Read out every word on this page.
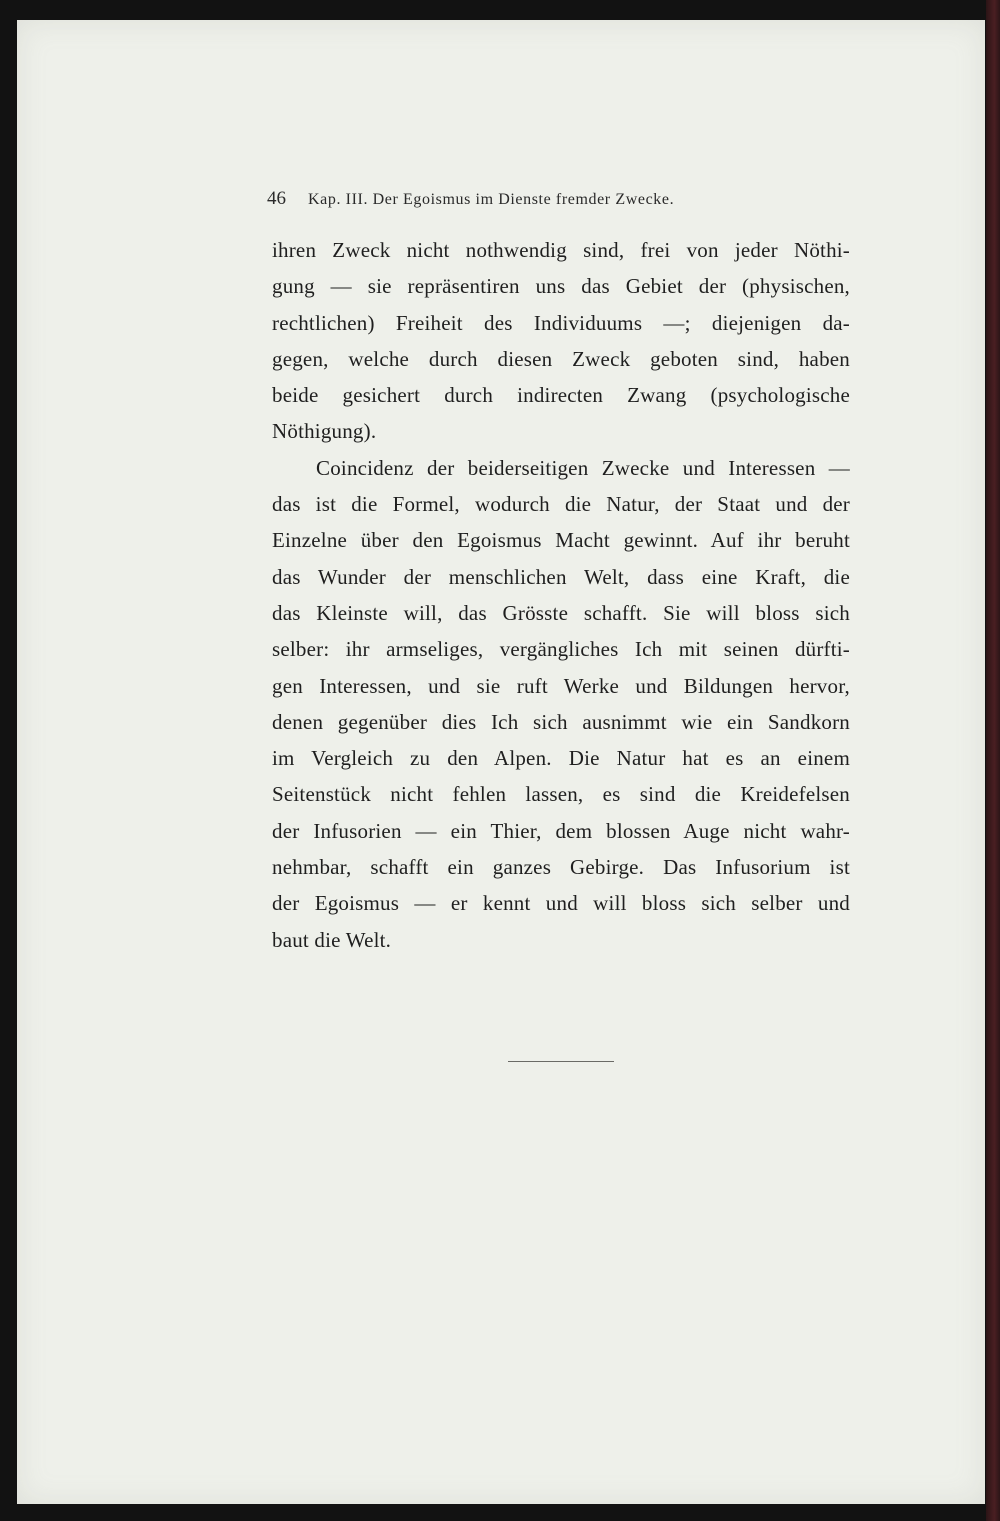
46 Kap. III. Der Egoismus im Dienste fremder Zwecke.
ihren Zweck nicht nothwendig sind, frei von jeder Nöthi-
gung — sie repräsentiren uns das Gebiet der (physischen,
rechtlichen) Freiheit des Individuums —; diejenigen da-
gegen, welche durch diesen Zweck geboten sind, haben
beide gesichert durch indirecten Zwang (psychologische
Nöthigung).
Coincidenz der beiderseitigen Zwecke und Interessen —
das ist die Formel, wodurch die Natur, der Staat und der
Einzelne über den Egoismus Macht gewinnt. Auf ihr beruht
das Wunder der menschlichen Welt, dass eine Kraft, die
das Kleinste will, das Grösste schafft. Sie will bloss sich
selber: ihr armseliges, vergängliches Ich mit seinen dürfti-
gen Interessen, und sie ruft Werke und Bildungen hervor,
denen gegenüber dies Ich sich ausnimmt wie ein Sandkorn
im Vergleich zu den Alpen. Die Natur hat es an einem
Seitenstück nicht fehlen lassen, es sind die Kreidefelsen
der Infusorien — ein Thier, dem blossen Auge nicht wahr-
nehmbar, schafft ein ganzes Gebirge. Das Infusorium ist
der Egoismus — er kennt und will bloss sich selber und
baut die Welt.
